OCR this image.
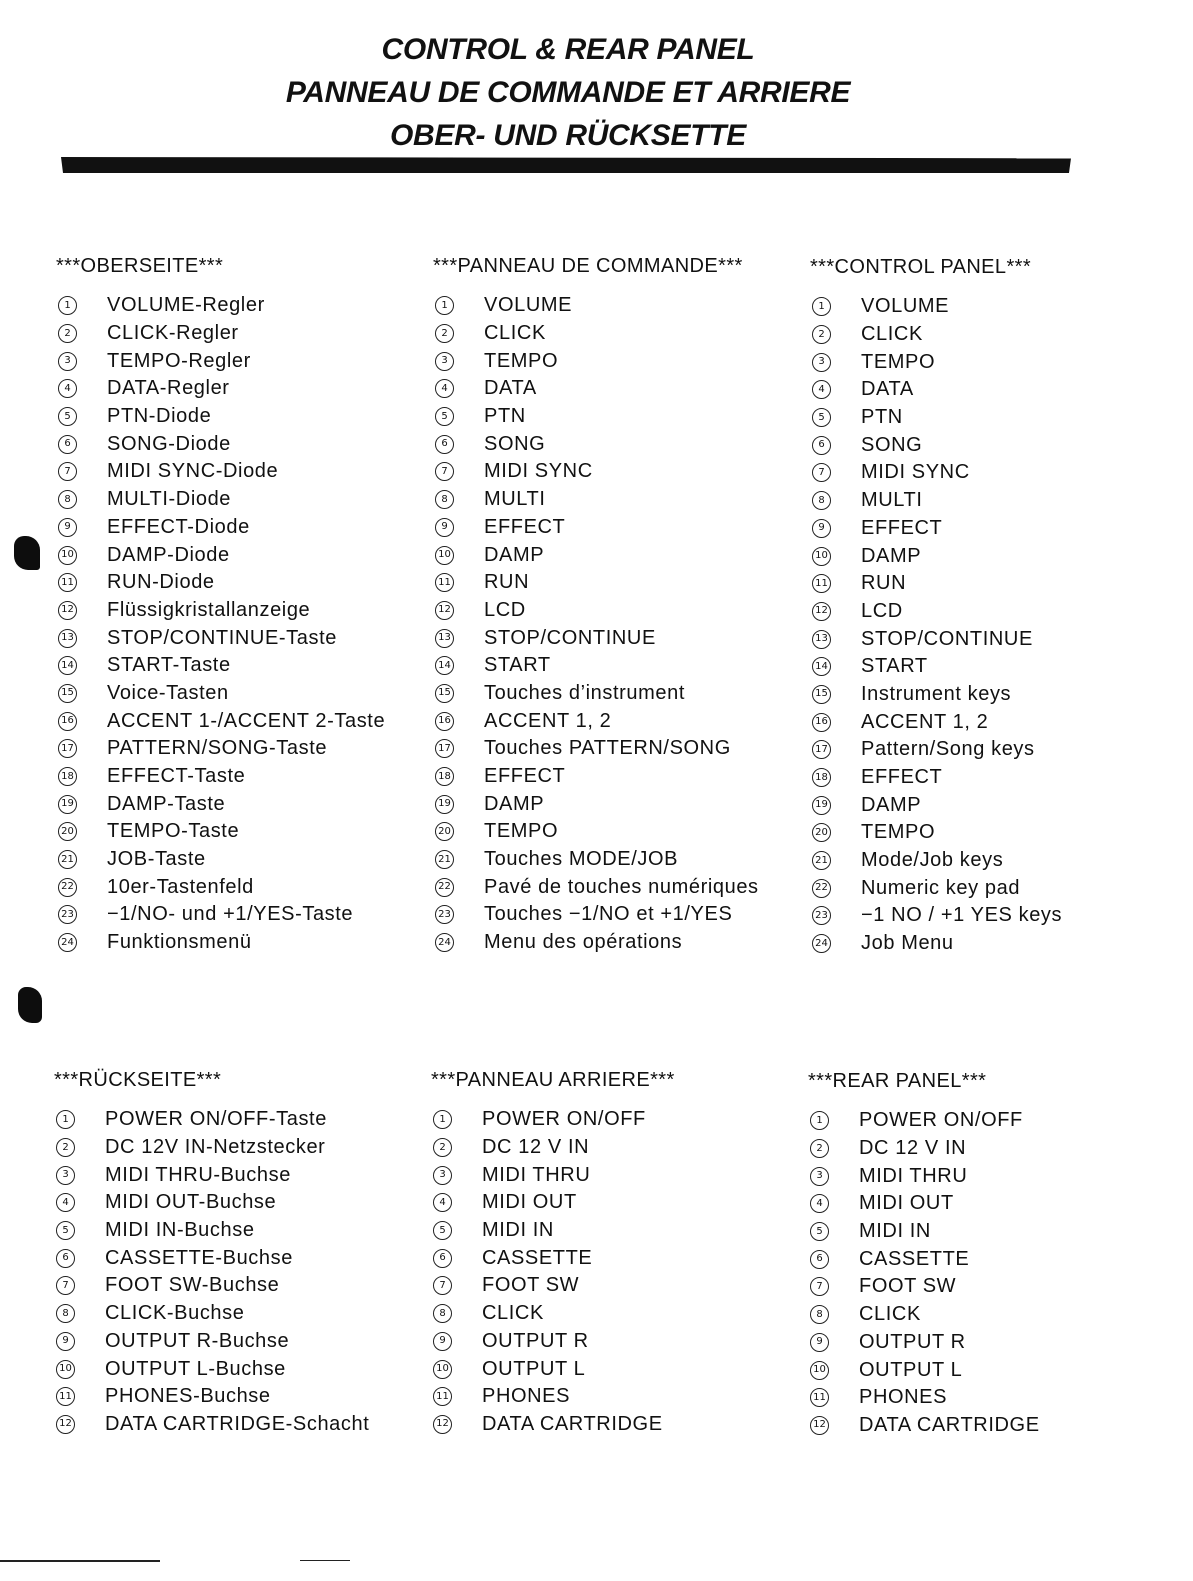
CONTROL & REAR PANEL
PANNEAU DE COMMANDE ET ARRIERE
OBER- UND RÜCKSETTE
***OBERSEITE***
1	VOLUME-Regler
2	CLICK-Regler
3	TEMPO-Regler
4	DATA-Regler
5	PTN-Diode
6	SONG-Diode
7	MIDI SYNC-Diode
8	MULTI-Diode
9	EFFECT-Diode
10 DAMP-Diode
11 RUN-Diode
12 Flüssigkristallanzeige
13 STOP/CONTINUE-Taste
14 START-Taste
15 Voice-Tasten
16 ACCENT 1-/ACCENT 2-Taste
17 PATTERN/SONG-Taste
18 EFFECT-Taste
19 DAMP-Taste
20 TEMPO-Taste
21 JOB-Taste
22 10er-Tastenfeld
23 −1/NO- und +1/YES-Taste
24 Funktionsmenü
***PANNEAU DE COMMANDE***
1	VOLUME
2	CLICK
3	TEMPO
4	DATA
5	PTN
6	SONG
7	MIDI SYNC
8	MULTI
9	EFFECT
10 DAMP
11 RUN
12 LCD
13 STOP/CONTINUE
14 START
15 Touches d’instrument
16 ACCENT 1, 2
17 Touches PATTERN/SONG
18 EFFECT
19 DAMP
20 TEMPO
21 Touches MODE/JOB
22 Pavé de touches numériques
23 Touches −1/NO et +1/YES
24 Menu des opérations
***CONTROL PANEL***
1	VOLUME
2	CLICK
3	TEMPO
4	DATA
5	PTN
6	SONG
7	MIDI SYNC
8	MULTI
9	EFFECT
10 DAMP
11 RUN
12 LCD
13 STOP/CONTINUE
14 START
15 Instrument keys
16 ACCENT 1, 2
17 Pattern/Song keys
18 EFFECT
19 DAMP
20 TEMPO
21 Mode/Job keys
22 Numeric key pad
23 −1 NO / +1 YES keys
24 Job Menu
***RÜCKSEITE***
1	POWER ON/OFF-Taste
2	DC 12V IN-Netzstecker
3	MIDI THRU-Buchse
4	MIDI OUT-Buchse
5	MIDI IN-Buchse
6	CASSETTE-Buchse
7	FOOT SW-Buchse
8	CLICK-Buchse
9	OUTPUT R-Buchse
10 OUTPUT L-Buchse
11 PHONES-Buchse
12 DATA CARTRIDGE-Schacht
***PANNEAU ARRIERE***
1	POWER ON/OFF
2	DC 12 V IN
3	MIDI THRU
4	MIDI OUT
5	MIDI IN
6	CASSETTE
7	FOOT SW
8	CLICK
9	OUTPUT R
10 OUTPUT L
11 PHONES
12 DATA CARTRIDGE
***REAR PANEL***
1	POWER ON/OFF
2	DC 12 V IN
3	MIDI THRU
4	MIDI OUT
5	MIDI IN
6	CASSETTE
7	FOOT SW
8	CLICK
9	OUTPUT R
10 OUTPUT L
11 PHONES
12 DATA CARTRIDGE
